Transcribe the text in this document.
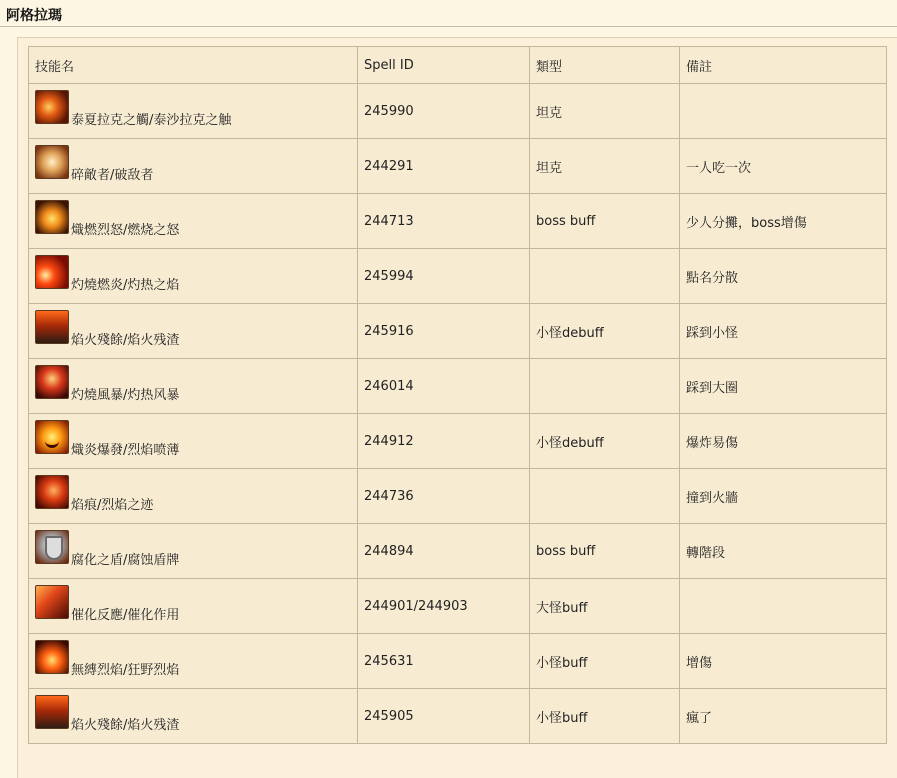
阿格拉瑪
技能名	Spell ID	類型	備註

泰夏拉克之觸/泰沙拉克之触	245990	坦克	

碎敵者/破敌者	244291	坦克	一人吃一次

熾燃烈怒/燃烧之怒	244713	boss buff	少人分攤，boss增傷

灼燒燃炎/灼热之焰	245994		點名分散

焰火殘餘/焰火残渣	245916	小怪debuff	踩到小怪

灼燒風暴/灼热风暴	246014		踩到大圈

熾炎爆發/烈焰喷薄	244912	小怪debuff	爆炸易傷

焰痕/烈焰之迹	244736		撞到火牆

腐化之盾/腐蚀盾牌	244894	boss buff	轉階段

催化反應/催化作用	244901/244903	大怪buff	

無縛烈焰/狂野烈焰	245631	小怪buff	增傷

焰火殘餘/焰火残渣	245905	小怪buff	瘋了
